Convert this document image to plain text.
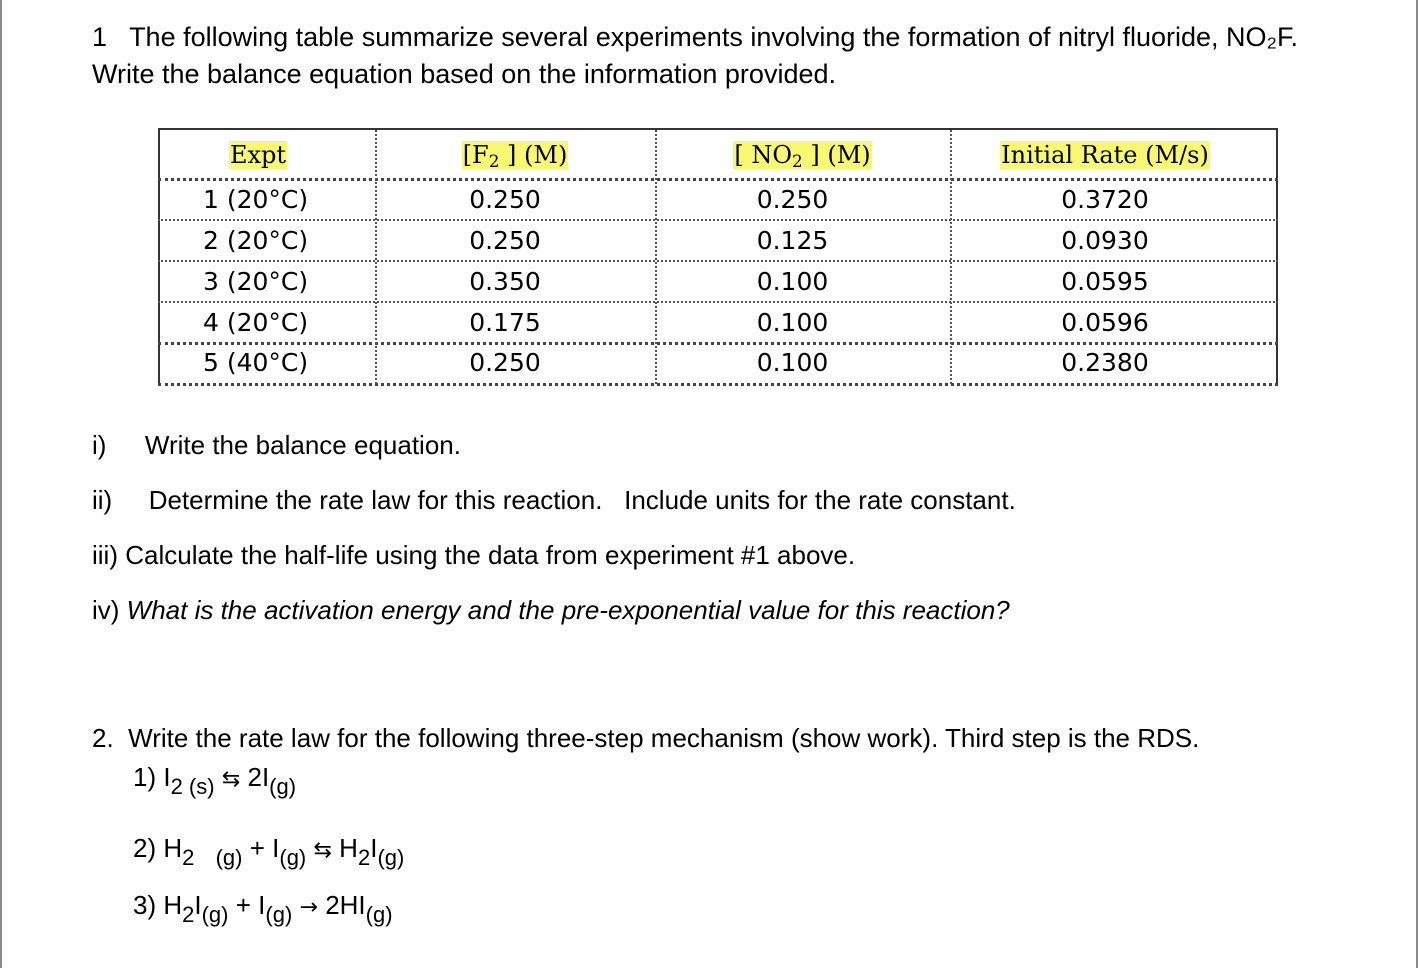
1 The following table summarize several experiments involving the formation of nitryl fluoride, NO₂F.
Write the balance equation based on the information provided.
Expt	[$F_2$ ] (M)	[ $NO_2$ ] (M)	Initial Rate (M/s)
1 (20°C)	0.250	0.250	0.3720
2 (20°C)	0.250	0.125	0.0930
3 (20°C)	0.350	0.100	0.0595
4 (20°C)	0.175	0.100	0.0596
5 (40°C)	0.250	0.100	0.2380
i) Write the balance equation.
ii) Determine the rate law for this reaction.   Include units for the rate constant.
iii) Calculate the half-life using the data from experiment #1 above.
iv) What is the activation energy and the pre-exponential value for this reaction?
2.  Write the rate law for the following three-step mechanism (show work). Third step is the RDS.
1) $I_{2 (s)}$ ⇆ $2I_{(g)}$
2) $H_2$ $_{(g)} + I_{(g)}$ ⇆ $H_2I_{(g)}$
3) $H_2I_{(g)} + I_{(g)} \to 2HI_{(g)}$
